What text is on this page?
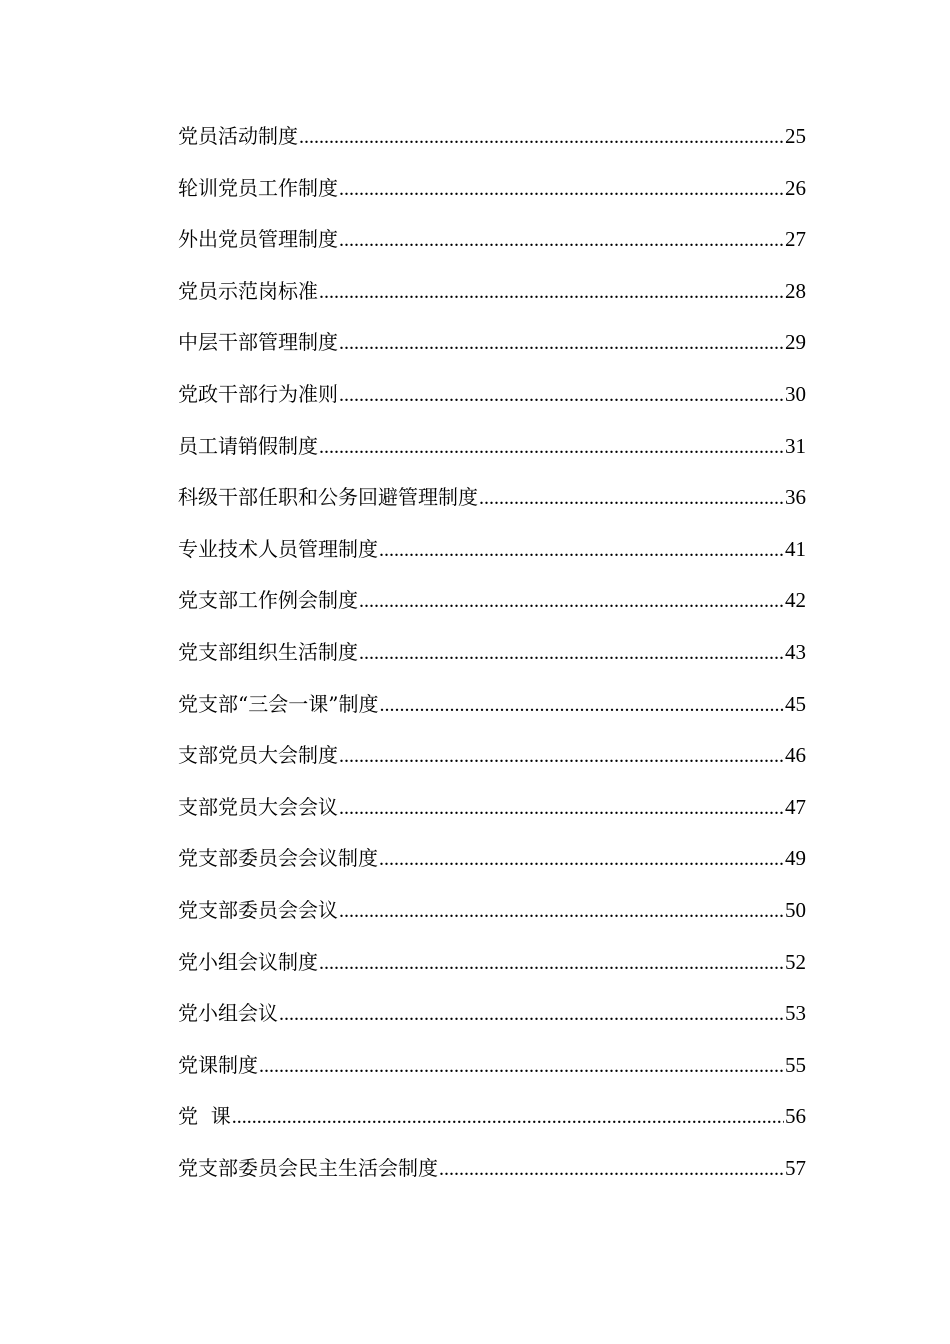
党员活动制度 .....	25
轮训党员工作制度 .....	26
外出党员管理制度 .....	27
党员示范岗标准 .....	28
中层干部管理制度 .....	29
党政干部行为准则 .....	30
员工请销假制度 .....	31
科级干部任职和公务回避管理制度 .....	36
专业技术人员管理制度 .....	41
党支部工作例会制度 .....	42
党支部组织生活制度 .....	43
党支部“三会一课”制度 .....	45
支部党员大会制度 .....	46
支部党员大会会议 .....	47
党支部委员会会议制度 .....	49
党支部委员会会议 .....	50
党小组会议制度 .....	52
党小组会议 .....	53
党课制度 .....	55
党  课 .....	56
党支部委员会民主生活会制度 .....	57
